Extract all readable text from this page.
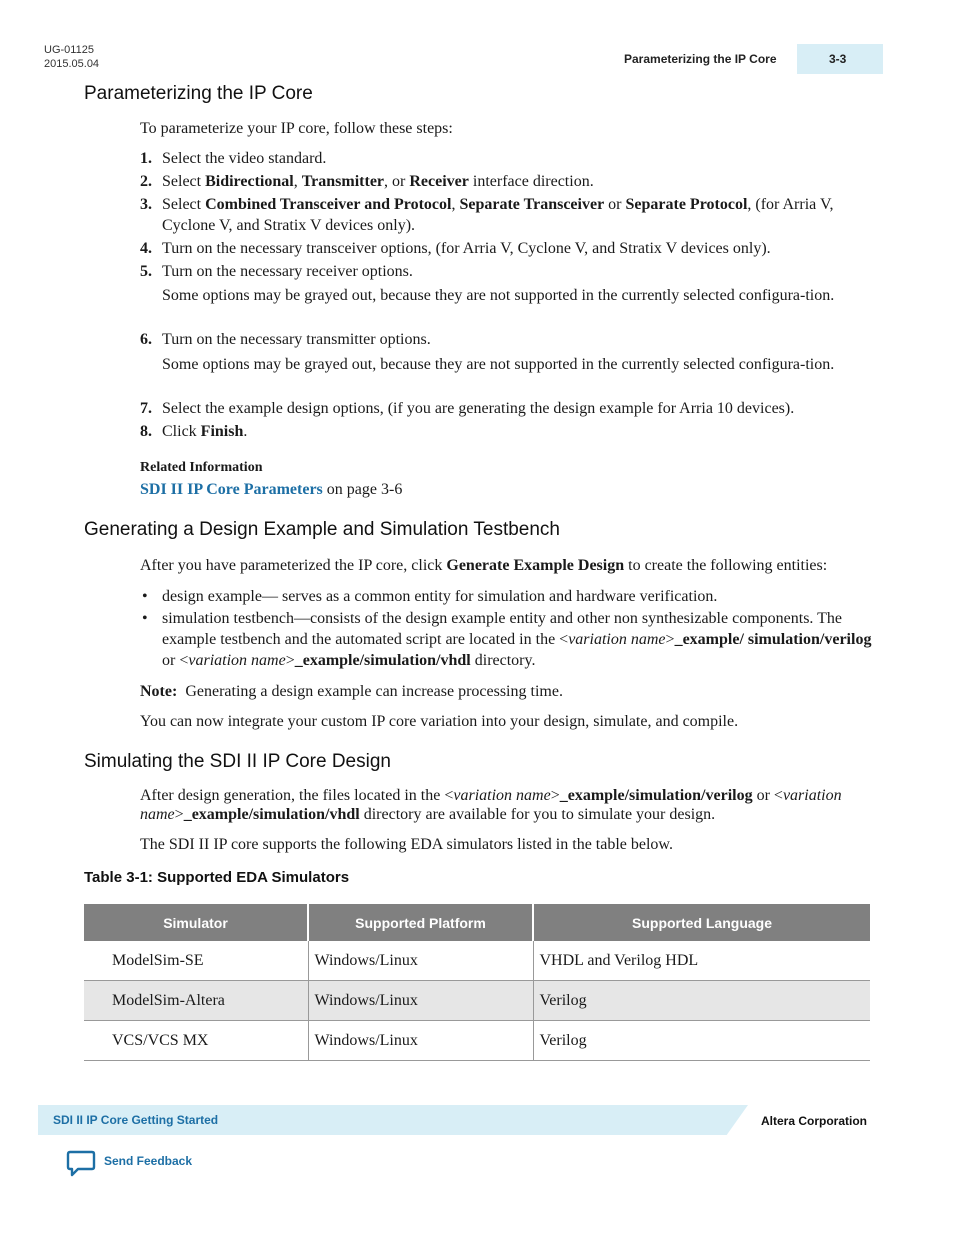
UG-01125
2015.05.04	Parameterizing the IP Core	3-3
Parameterizing the IP Core
To parameterize your IP core, follow these steps:
1. Select the video standard.
2. Select Bidirectional, Transmitter, or Receiver interface direction.
3. Select Combined Transceiver and Protocol, Separate Transceiver or Separate Protocol, (for Arria V, Cyclone V, and Stratix V devices only).
4. Turn on the necessary transceiver options, (for Arria V, Cyclone V, and Stratix V devices only).
5. Turn on the necessary receiver options.
Some options may be grayed out, because they are not supported in the currently selected configura-tion.
6. Turn on the necessary transmitter options.
Some options may be grayed out, because they are not supported in the currently selected configura-tion.
7. Select the example design options, (if you are generating the design example for Arria 10 devices).
8. Click Finish.
Related Information
SDI II IP Core Parameters on page 3-6
Generating a Design Example and Simulation Testbench
After you have parameterized the IP core, click Generate Example Design to create the following entities:
• design example— serves as a common entity for simulation and hardware verification.
• simulation testbench—consists of the design example entity and other non synthesizable components. The example testbench and the automated script are located in the <variation name>_example/ simulation/verilog or <variation name>_example/simulation/vhdl directory.
Note: Generating a design example can increase processing time.
You can now integrate your custom IP core variation into your design, simulate, and compile.
Simulating the SDI II IP Core Design
After design generation, the files located in the <variation name>_example/simulation/verilog or <variation name>_example/simulation/vhdl directory are available for you to simulate your design.
The SDI II IP core supports the following EDA simulators listed in the table below.
Table 3-1: Supported EDA Simulators
Simulator	Supported Platform	Supported Language
ModelSim-SE	Windows/Linux	VHDL and Verilog HDL
ModelSim-Altera	Windows/Linux	Verilog
VCS/VCS MX	Windows/Linux	Verilog
SDI II IP Core Getting Started	Altera Corporation
Send Feedback
